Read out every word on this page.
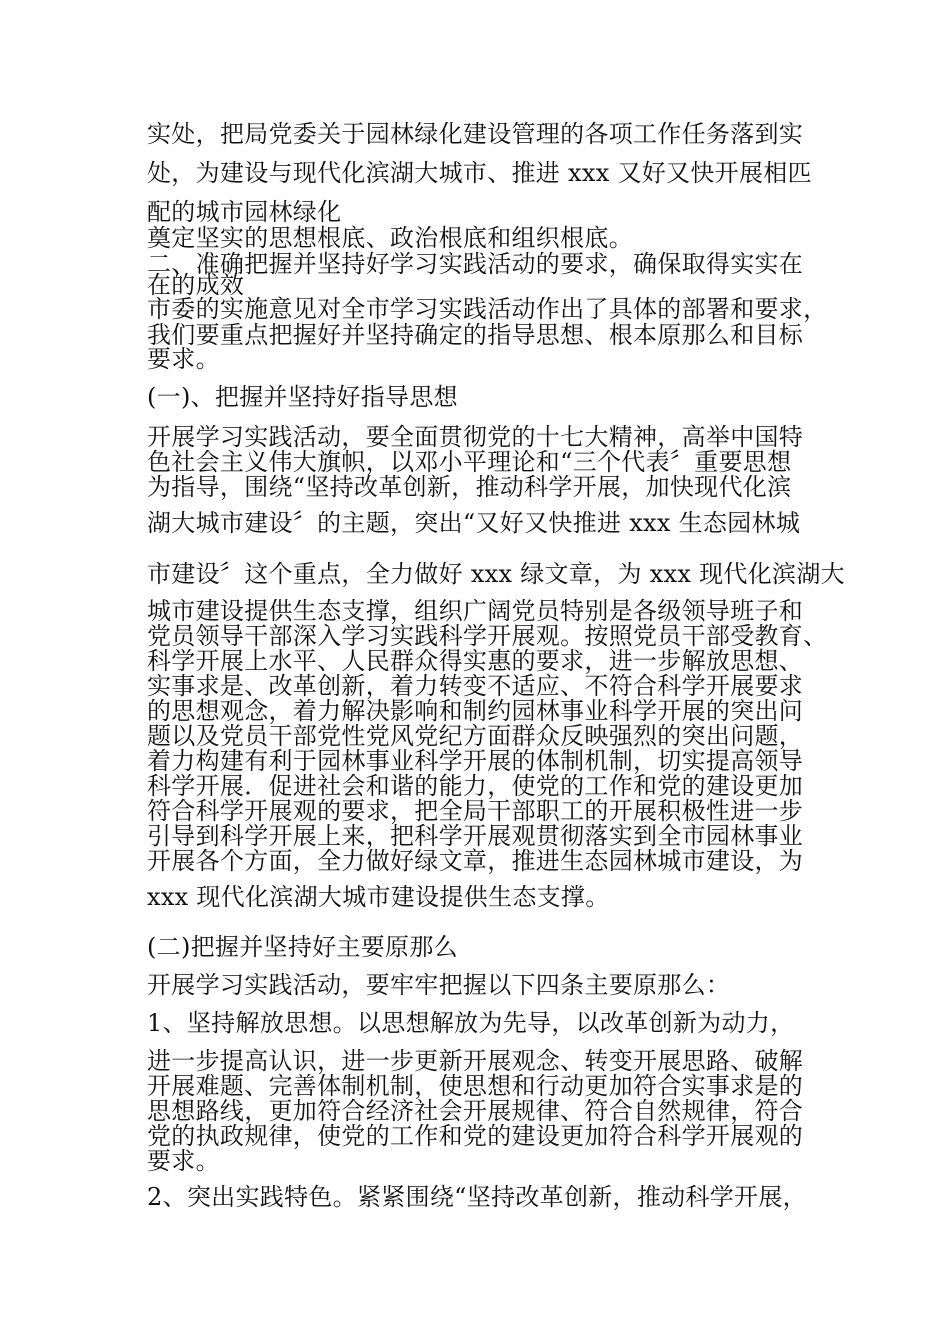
实处，把局党委关于园林绿化建设管理的各项工作任务落到实
处，为建设与现代化滨湖大城市、推进 xxx 又好又快开展相匹
配的城市园林绿化
奠定坚实的思想根底、政治根底和组织根底。
二、准确把握并坚持好学习实践活动的要求，确保取得实实在
在的成效
市委的实施意见对全市学习实践活动作出了具体的部署和要求，
我们要重点把握好并坚持确定的指导思想、根本原那么和目标
要求。
(一)、把握并坚持好指导思想
开展学习实践活动，要全面贯彻党的十七大精神，高举中国特
色社会主义伟大旗帜，以邓小平理论和“三个代表〞重要思想
为指导，围绕“坚持改革创新，推动科学开展，加快现代化滨
湖大城市建设〞的主题，突出“又好又快推进 xxx 生态园林城
市建设〞这个重点，全力做好 xxx 绿文章，为 xxx 现代化滨湖大
城市建设提供生态支撑，组织广阔党员特别是各级领导班子和
党员领导干部深入学习实践科学开展观。按照党员干部受教育、
科学开展上水平、人民群众得实惠的要求，进一步解放思想、
实事求是、改革创新，着力转变不适应、不符合科学开展要求
的思想观念，着力解决影响和制约园林事业科学开展的突出问
题以及党员干部党性党风党纪方面群众反映强烈的突出问题，
着力构建有利于园林事业科学开展的体制机制，切实提高领导
科学开展．促进社会和谐的能力，使党的工作和党的建设更加
符合科学开展观的要求，把全局干部职工的开展积极性进一步
引导到科学开展上来，把科学开展观贯彻落实到全市园林事业
开展各个方面，全力做好绿文章，推进生态园林城市建设，为
xxx 现代化滨湖大城市建设提供生态支撑。
(二)把握并坚持好主要原那么
开展学习实践活动，要牢牢把握以下四条主要原那么：
1、坚持解放思想。以思想解放为先导，以改革创新为动力，
进一步提高认识，进一步更新开展观念、转变开展思路、破解
开展难题、完善体制机制，使思想和行动更加符合实事求是的
思想路线，更加符合经济社会开展规律、符合自然规律，符合
党的执政规律，使党的工作和党的建设更加符合科学开展观的
要求。
2、突出实践特色。紧紧围绕“坚持改革创新，推动科学开展，
